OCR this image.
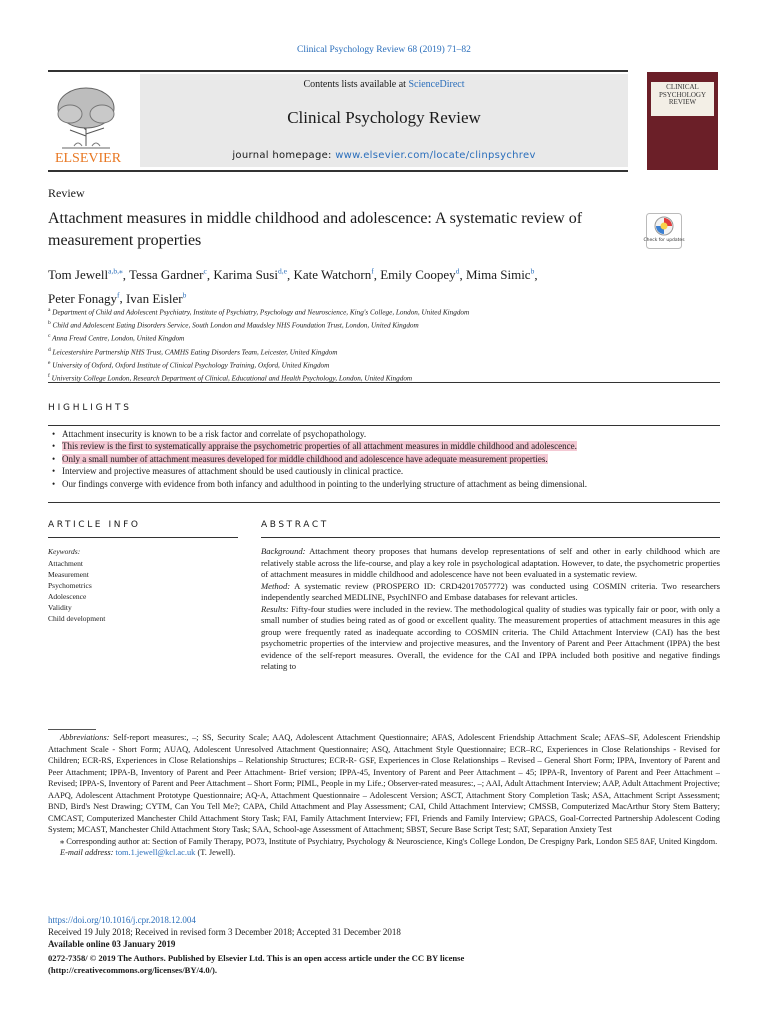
Clinical Psychology Review 68 (2019) 71–82
ELSEVIER
Contents lists available at ScienceDirect
Clinical Psychology Review
journal homepage: www.elsevier.com/locate/clinpsychrev
CLINICAL PSYCHOLOGY REVIEW
Review
Attachment measures in middle childhood and adolescence: A systematic review of measurement properties	Check for updates
Tom Jewell$^{a,b,⁎}$, Tessa Gardner$^c$, Karima Susi$^{d,e}$, Kate Watchorn$^f$, Emily Coopey$^d$, Mima Simic$^b$,
Peter Fonagy$^f$, Ivan Eisler$^b$
$^a$ Department of Child and Adolescent Psychiatry, Institute of Psychiatry, Psychology and Neuroscience, King's College, London, United Kingdom
$^b$ Child and Adolescent Eating Disorders Service, South London and Maudsley NHS Foundation Trust, London, United Kingdom
$^c$ Anna Freud Centre, London, United Kingdom
$^d$ Leicestershire Partnership NHS Trust, CAMHS Eating Disorders Team, Leicester, United Kingdom
$^e$ University of Oxford, Oxford Institute of Clinical Psychology Training, Oxford, United Kingdom
$^f$ University College London, Research Department of Clinical, Educational and Health Psychology, London, United Kingdom
HIGHLIGHTS
• Attachment insecurity is known to be a risk factor and correlate of psychopathology.
• This review is the first to systematically appraise the psychometric properties of all attachment measures in middle childhood and adolescence.
• Only a small number of attachment measures developed for middle childhood and adolescence have adequate measurement properties.
• Interview and projective measures of attachment should be used cautiously in clinical practice.
• Our findings converge with evidence from both infancy and adulthood in pointing to the underlying structure of attachment as being dimensional.
ARTICLE INFO
Keywords:
Attachment
Measurement
Psychometrics
Adolescence
Validity
Child development
ABSTRACT

Background: Attachment theory proposes that humans develop representations of self and other in early childhood which are relatively stable across the life-course, and play a key role in psychological adaptation. However, to date, the psychometric properties of attachment measures in middle childhood and adolescence have not been evaluated in a systematic review.

Method: A systematic review (PROSPERO ID: CRD42017057772) was conducted using COSMIN criteria. Two researchers independently searched MEDLINE, PsychINFO and Embase databases for relevant articles.

Results: Fifty-four studies were included in the review. The methodological quality of studies was typically fair or poor, with only a small number of studies being rated as of good or excellent quality. The measurement properties of attachment measures in this age group were frequently rated as inadequate according to COSMIN criteria. The Child Attachment Interview (CAI) has the best psychometric properties of the interview and projective measures, and the Inventory of Parent and Peer Attachment (IPPA) the best evidence of the self-report measures. Overall, the evidence for the CAI and IPPA included both positive and negative findings relating to

Abbreviations: Self-report measures:, –; SS, Security Scale; AAQ, Adolescent Attachment Questionnaire; AFAS, Adolescent Friendship Attachment Scale; AFAS–SF, Adolescent Friendship Attachment Scale - Short Form; AUAQ, Adolescent Unresolved Attachment Questionnaire; ASQ, Attachment Style Questionnaire; ECR–RC, Experiences in Close Relationships - Revised for Children; ECR-RS, Experiences in Close Relationships – Relationship Structures; ECR-R- GSF, Experiences in Close Relationships – Revised – General Short Form; IPPA, Inventory of Parent and Peer Attachment; IPPA-B, Inventory of Parent and Peer Attachment- Brief version; IPPA-45, Inventory of Parent and Peer Attachment – 45; IPPA-R, Inventory of Parent and Peer Attachment – Revised; IPPA-S, Inventory of Parent and Peer Attachment – Short Form; PIML, People in my Life.; Observer-rated measures:, –; AAI, Adult Attachment Interview; AAP, Adult Attachment Projective; AAPQ, Adolescent Attachment Prototype Questionnaire; AQ-A, Attachment Questionnaire – Adolescent Version; ASCT, Attachment Story Completion Task; ASA, Attachment Script Assessment; BND, Bird's Nest Drawing; CYTM, Can You Tell Me?; CAPA, Child Attachment and Play Assessment; CAI, Child Attachment Interview; CMSSB, Computerized MacArthur Story Stem Battery; CMCAST, Computerized Manchester Child Attachment Story Task; FAI, Family Attachment Interview; FFI, Friends and Family Interview; GPACS, Goal-Corrected Partnership Adolescent Coding System; MCAST, Manchester Child Attachment Story Task; SAA, School-age Assessment of Attachment; SBST, Secure Base Script Test; SAT, Separation Anxiety Test

⁎ Corresponding author at: Section of Family Therapy, PO73, Institute of Psychiatry, Psychology & Neuroscience, King's College London, De Crespigny Park, London SE5 8AF, United Kingdom.

E-mail address: tom.1.jewell@kcl.ac.uk (T. Jewell).

https://doi.org/10.1016/j.cpr.2018.12.004
Received 19 July 2018; Received in revised form 3 December 2018; Accepted 31 December 2018
Available online 03 January 2019
0272-7358/ © 2019 The Authors. Published by Elsevier Ltd. This is an open access article under the CC BY license (http://creativecommons.org/licenses/BY/4.0/).
